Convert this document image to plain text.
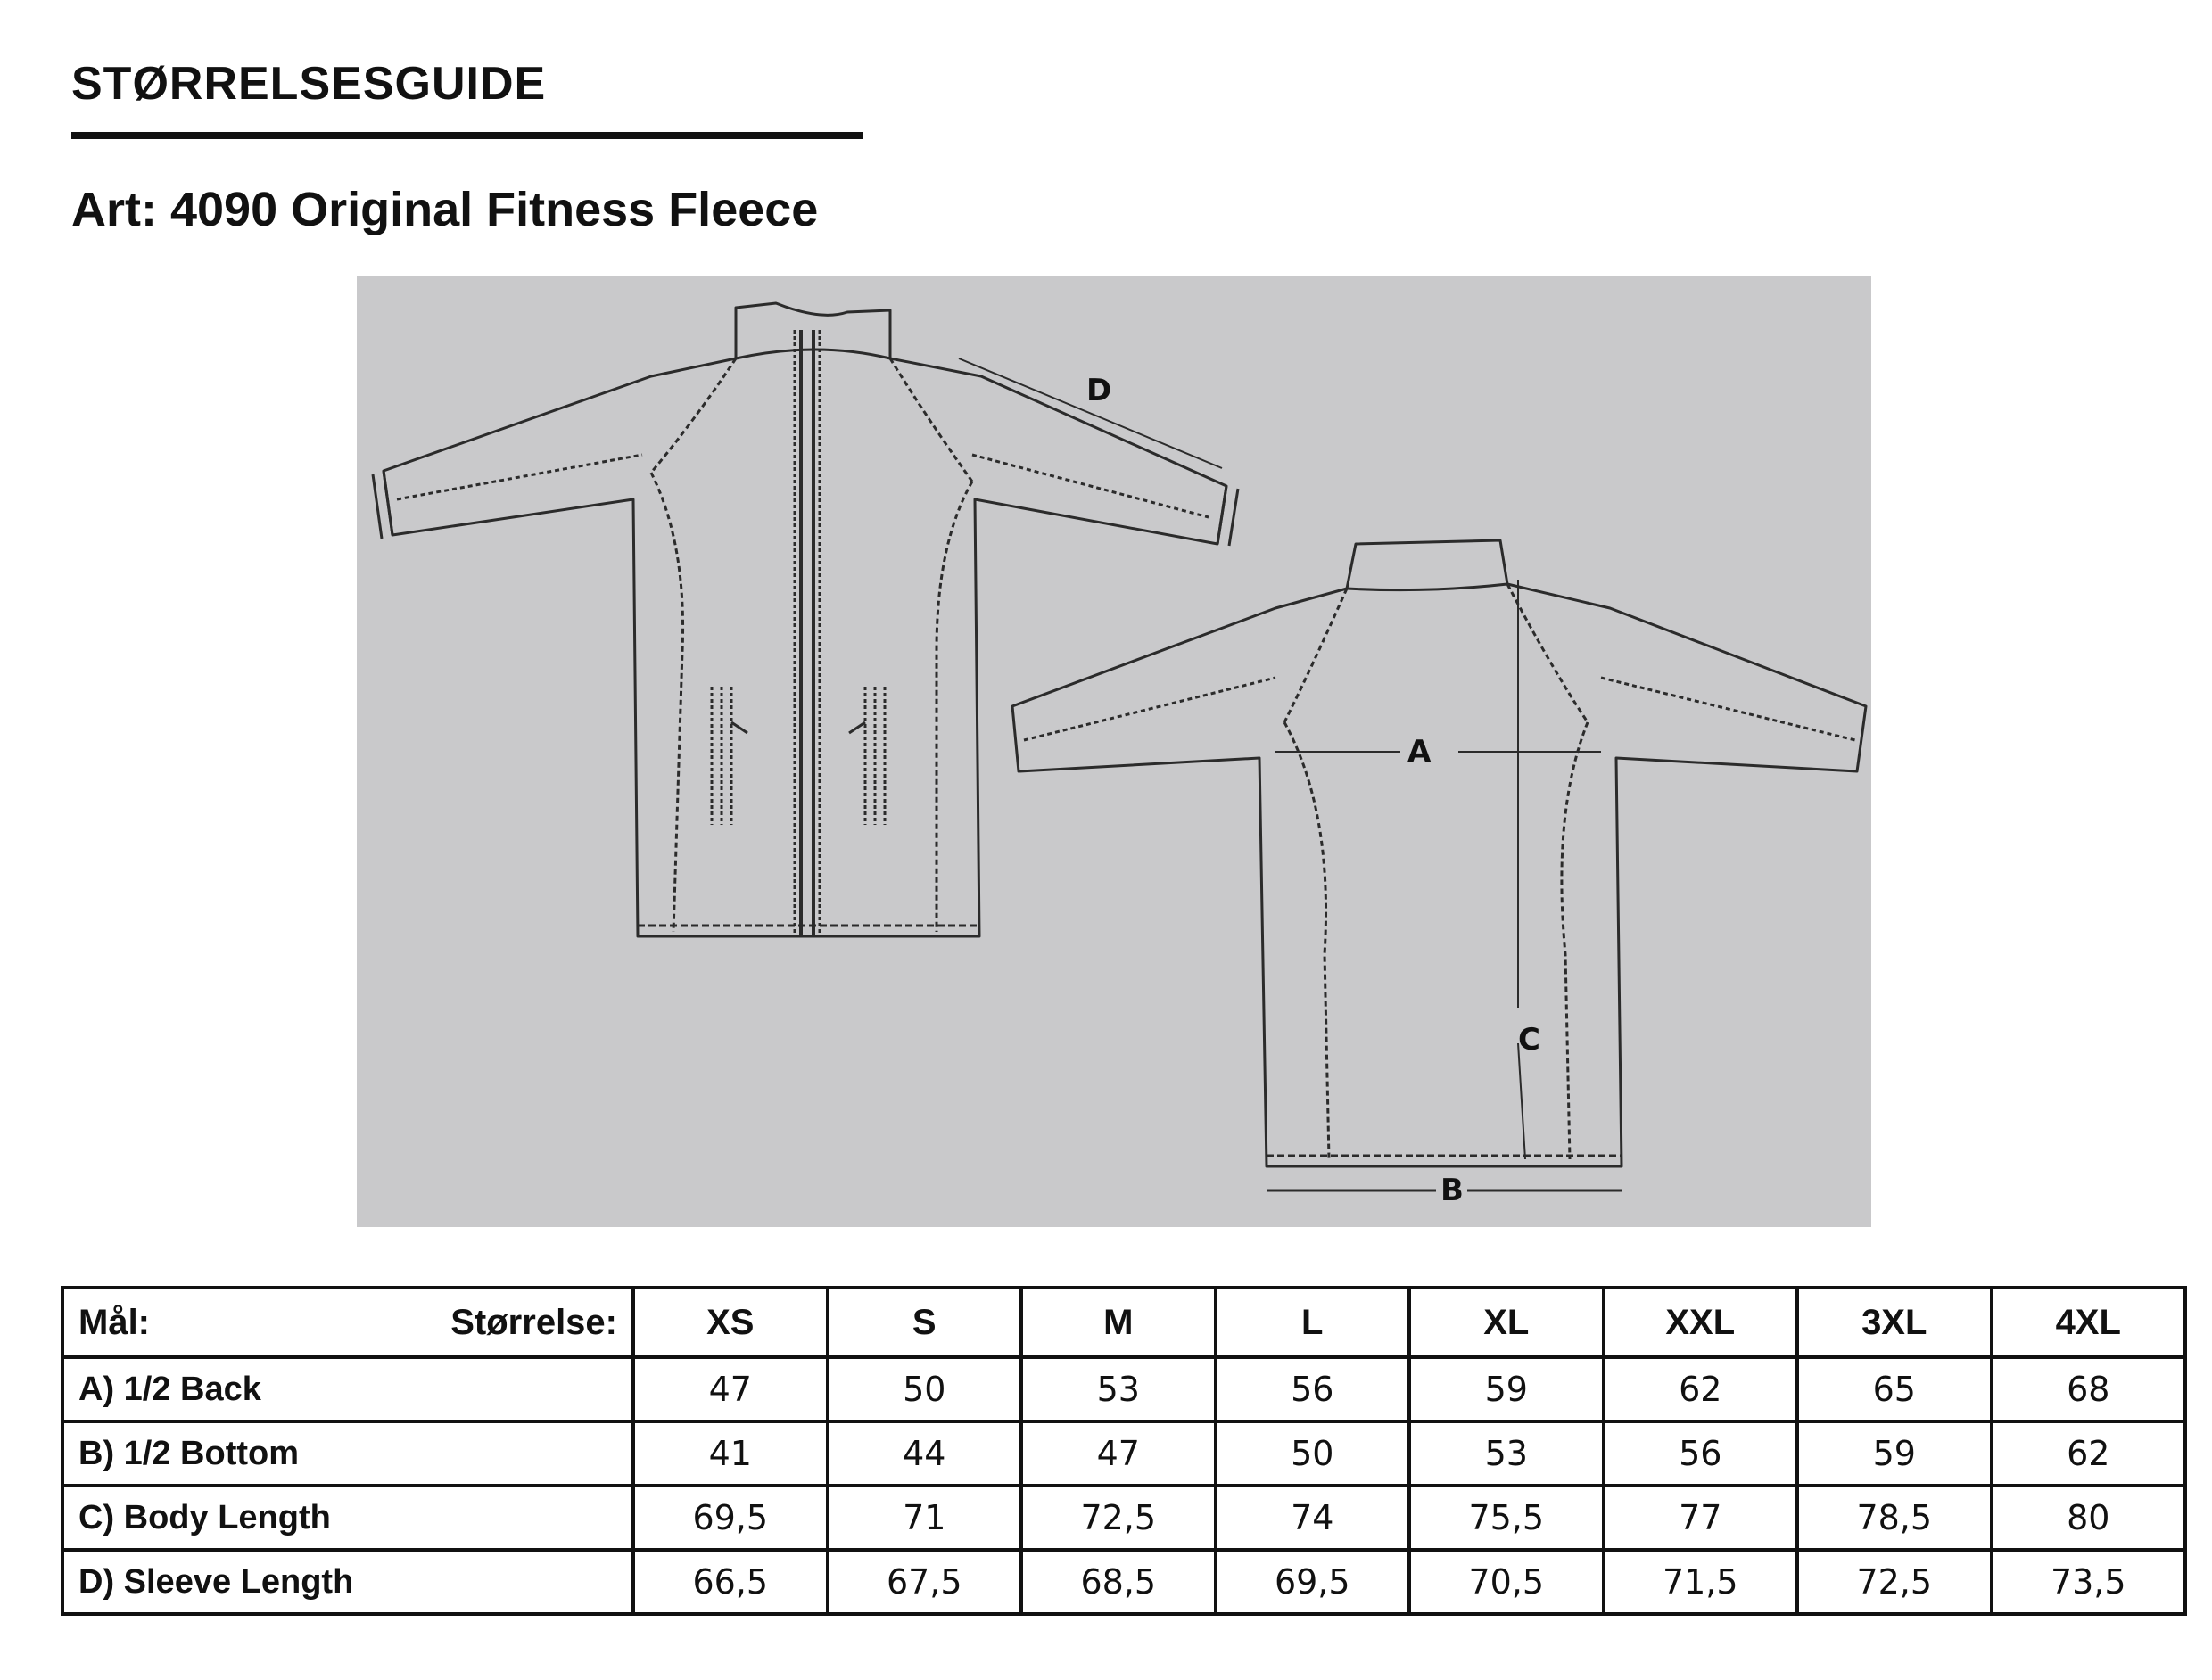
STØRRELSESGUIDE
Art: 4090 Original Fitness Fleece
D
A
C
B
Mål: Størrelse:	XS	S	M	L	XL	XXL	3XL	4XL
A) 1/2 Back	47	50	53	56	59	62	65	68
B) 1/2 Bottom	41	44	47	50	53	56	59	62
C) Body Length	69,5	71	72,5	74	75,5	77	78,5	80
D) Sleeve Length	66,5	67,5	68,5	69,5	70,5	71,5	72,5	73,5
